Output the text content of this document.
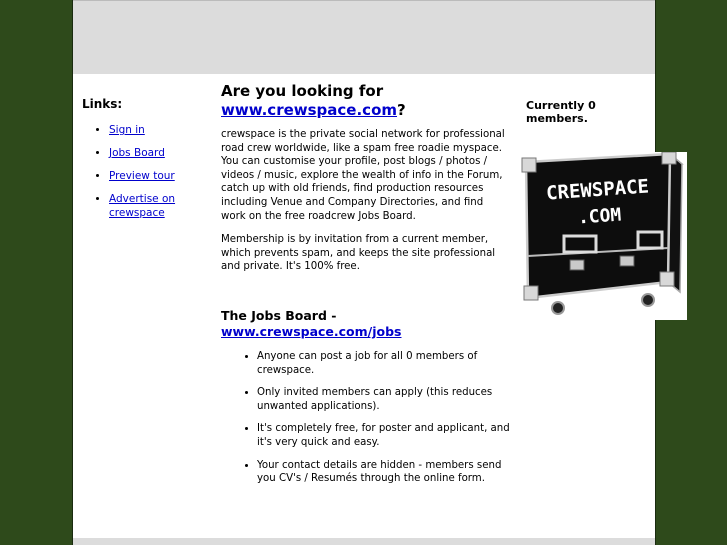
Links:
• Sign in
• Jobs Board
• Preview tour
• Advertise on crewspace
Are you looking for
www.crewspace.com?

crewspace is the private social network for professional road crew worldwide, like a spam free roadie myspace. You can customise your profile, post blogs / photos / videos / music, explore the wealth of info in the Forum, catch up with old friends, find production resources including Venue and Company Directories, and find work on the free roadcrew Jobs Board.

Membership is by invitation from a current member, which prevents spam, and keeps the site professional and private. It's 100% free.

The Jobs Board -
www.crewspace.com/jobs
• Anyone can post a job for all 0 members of crewspace.
• Only invited members can apply (this reduces unwanted applications).
• It's completely free, for poster and applicant, and it's very quick and easy.
• Your contact details are hidden - members send you CV's / Resumés through the online form.
Currently 0 members.
CREWSPACE
.COM
